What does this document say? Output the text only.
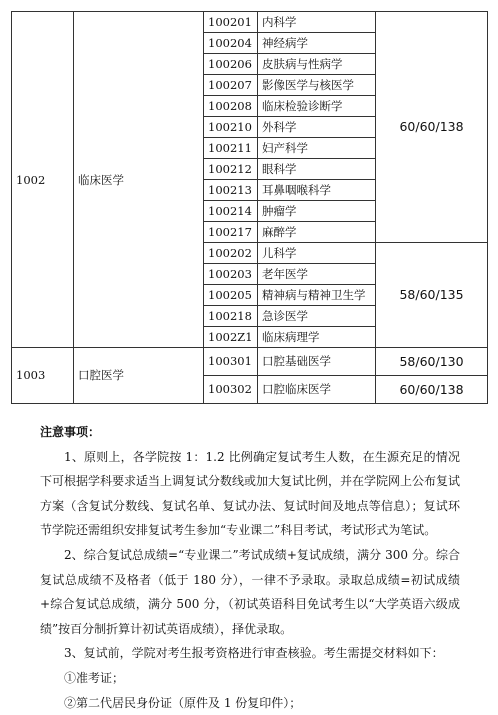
1002	临床医学	100201	内科学	60/60/138
		100204	神经病学	
		100206	皮肤病与性病学	
		100207	影像医学与核医学	
		100208	临床检验诊断学	
		100210	外科学	
		100211	妇产科学	
		100212	眼科学	
		100213	耳鼻咽喉科学	
		100214	肿瘤学	
		100217	麻醉学	
		100202	儿科学	58/60/135
		100203	老年医学	
		100205	精神病与精神卫生学	
		100218	急诊医学	
		1002Z1	临床病理学	
1003	口腔医学	100301	口腔基础医学	58/60/130
		100302	口腔临床医学	60/60/138
注意事项：

1、原则上，各学院按 1：1.2 比例确定复试考生人数，在生源充足的情况下可根据学科要求适当上调复试分数线或加大复试比例，并在学院网上公布复试方案（含复试分数线、复试名单、复试办法、复试时间及地点等信息）；复试环节学院还需组织安排复试考生参加“专业课二”科目考试，考试形式为笔试。

2、综合复试总成绩=“专业课二”考试成绩+复试成绩，满分 300 分。综合复试总成绩不及格者（低于 180 分），一律不予录取。录取总成绩=初试成绩+综合复试总成绩，满分 500 分，（初试英语科目免试考生以“大学英语六级成绩”按百分制折算计初试英语成绩），择优录取。

3、复试前，学院对考生报考资格进行审查核验。考生需提交材料如下：

①准考证；

②第二代居民身份证（原件及 1 份复印件）；
